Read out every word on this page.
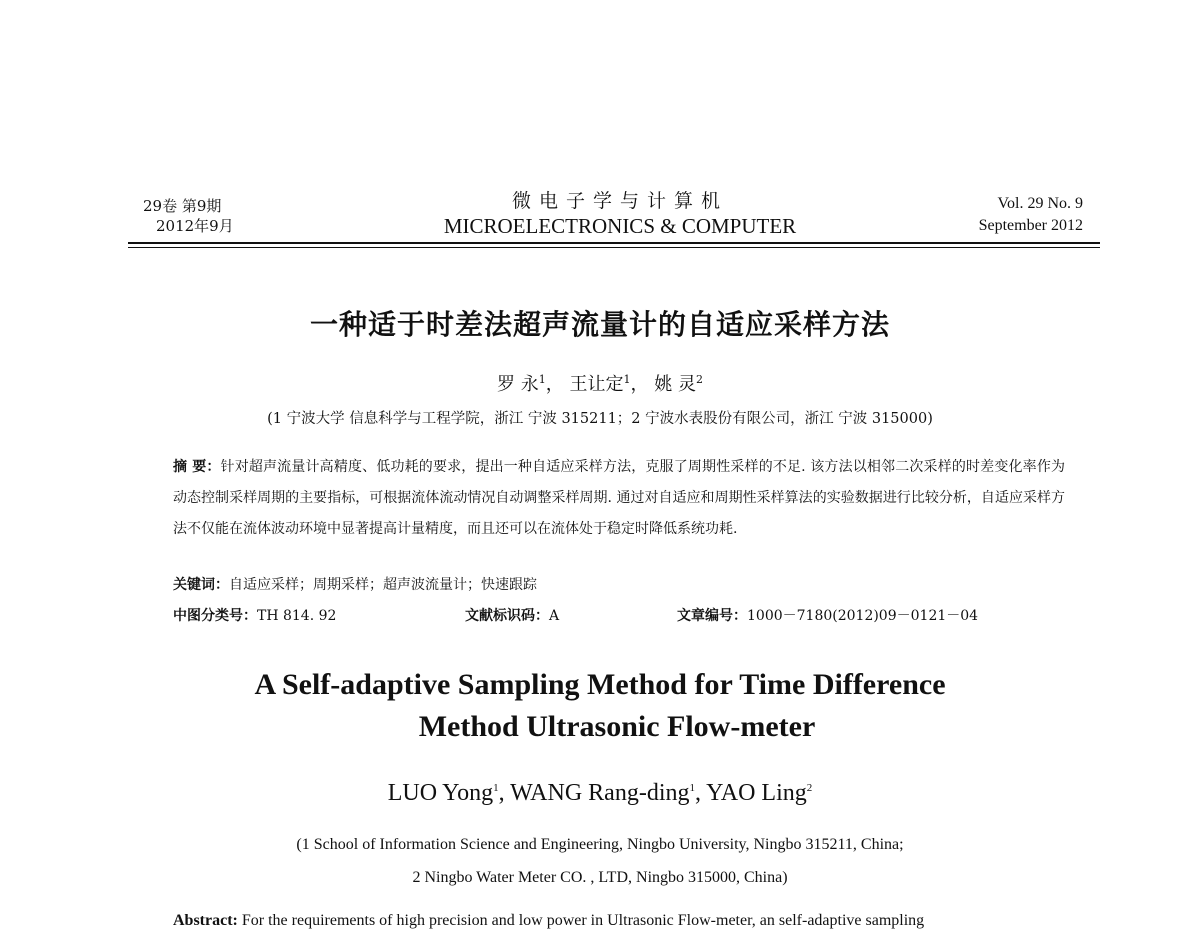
29卷 第9期
2012年9月
微电子学与计算机
MICROELECTRONICS & COMPUTER
Vol. 29 No. 9
September 2012
一种适于时差法超声流量计的自适应采样方法
罗 永$^1$， 王让定$^1$， 姚 灵$^2$
(1 宁波大学 信息科学与工程学院，浙江 宁波 315211；2 宁波水表股份有限公司，浙江 宁波 315000)
摘 要：针对超声流量计高精度、低功耗的要求，提出一种自适应采样方法，克服了周期性采样的不足. 该方法以相邻二次采样的时差变化率作为动态控制采样周期的主要指标，可根据流体流动情况自动调整采样周期. 通过对自适应和周期性采样算法的实验数据进行比较分析，自适应采样方法不仅能在流体波动环境中显著提高计量精度，而且还可以在流体处于稳定时降低系统功耗.
关键词：自适应采样；周期采样；超声波流量计；快速跟踪
中图分类号：TH 814. 92	文献标识码：A	文章编号：1000－7180(2012)09－0121－04
A Self-adaptive Sampling Method for Time Difference
Method Ultrasonic Flow-meter
LUO Yong$^1$, WANG Rang-ding$^1$, YAO Ling$^2$
(1 School of Information Science and Engineering, Ningbo University, Ningbo 315211, China;
2 Ningbo Water Meter CO. , LTD, Ningbo 315000, China)
Abstract: For the requirements of high precision and low power in Ultrasonic Flow-meter, an self-adaptive sampling
